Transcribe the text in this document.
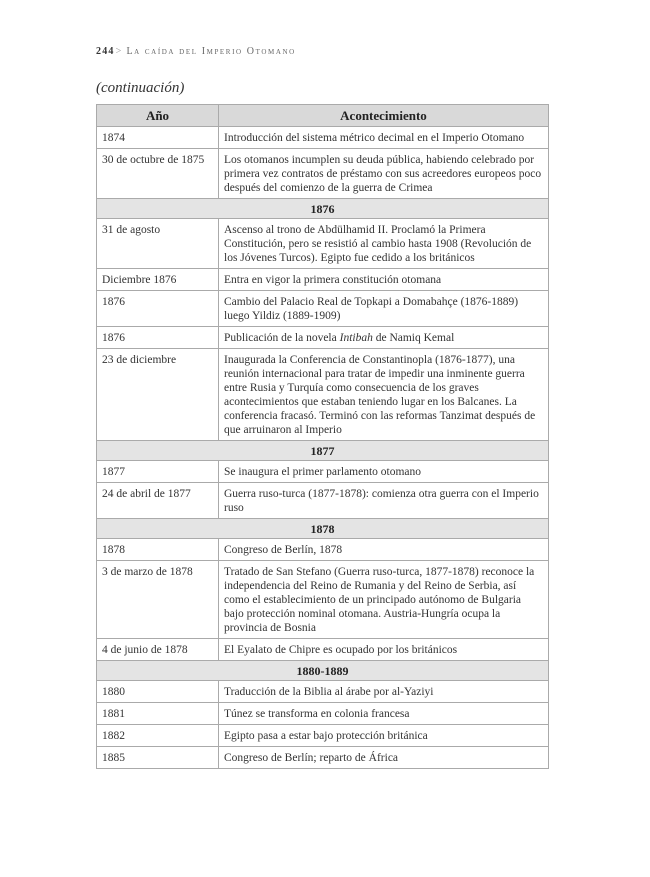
244> La caída del Imperio Otomano
(continuación)
Año	Acontecimiento
1874	Introducción del sistema métrico decimal en el Imperio Otomano
30 de octubre de 1875	Los otomanos incumplen su deuda pública, habiendo celebrado por primera vez contratos de préstamo con sus acreedores europeos poco después del comienzo de la guerra de Crimea
1876	
31 de agosto	Ascenso al trono de Abdülhamid II. Proclamó la Primera Constitución, pero se resistió al cambio hasta 1908 (Revolución de los Jóvenes Turcos). Egipto fue cedido a los británicos
Diciembre 1876	Entra en vigor la primera constitución otomana
1876	Cambio del Palacio Real de Topkapi a Domabahçe (1876-1889) luego Yildiz (1889-1909)
1876	Publicación de la novela Intibah de Namiq Kemal
23 de diciembre	Inaugurada la Conferencia de Constantinopla (1876-1877), una reunión internacional para tratar de impedir una inminente guerra entre Rusia y Turquía como consecuencia de los graves acontecimientos que estaban teniendo lugar en los Balcanes. La conferencia fracasó. Terminó con las reformas Tanzimat después de que arruinaron al Imperio
1877	
1877	Se inaugura el primer parlamento otomano
24 de abril de 1877	Guerra ruso-turca (1877-1878): comienza otra guerra con el Imperio ruso
1878	
1878	Congreso de Berlín, 1878
3 de marzo de 1878	Tratado de San Stefano (Guerra ruso-turca, 1877-1878) reconoce la independencia del Reino de Rumania y del Reino de Serbia, así como el establecimiento de un principado autónomo de Bulgaria bajo protección nominal otomana. Austria-Hungría ocupa la provincia de Bosnia
4 de junio de 1878	El Eyalato de Chipre es ocupado por los británicos
1880-1889	
1880	Traducción de la Biblia al árabe por al-Yaziyi
1881	Túnez se transforma en colonia francesa
1882	Egipto pasa a estar bajo protección británica
1885	Congreso de Berlín; reparto de África
